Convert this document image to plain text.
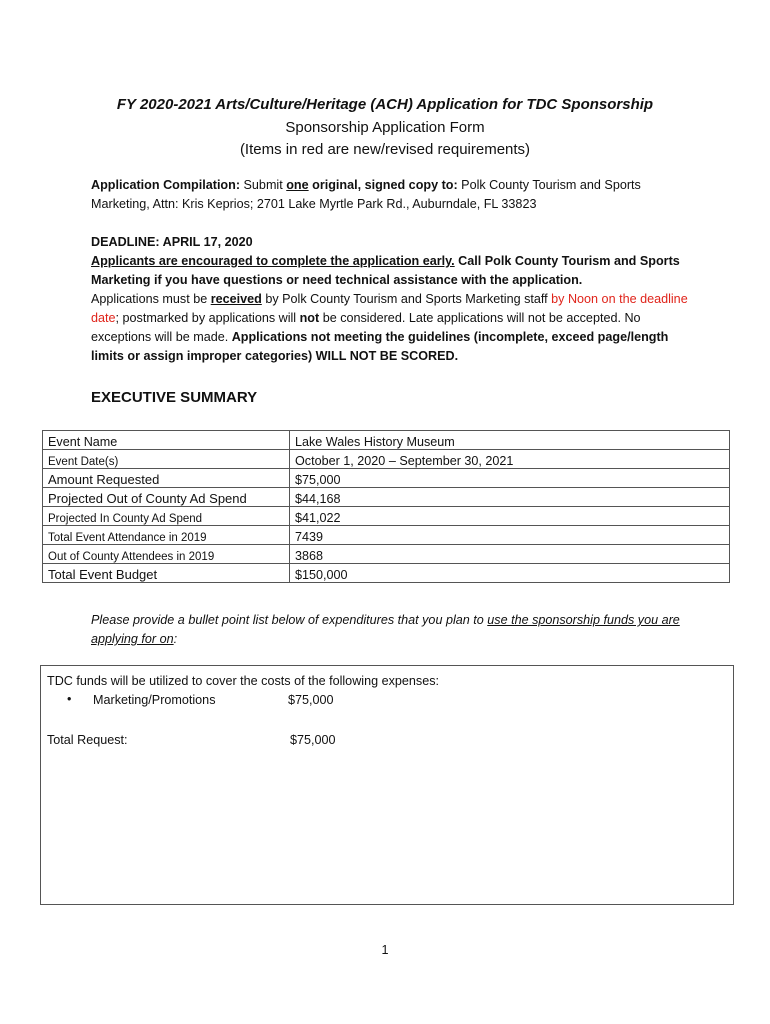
FY 2020-2021 Arts/Culture/Heritage (ACH) Application for TDC Sponsorship
Sponsorship Application Form
(Items in red are new/revised requirements)
Application Compilation: Submit one original, signed copy to: Polk County Tourism and Sports Marketing, Attn: Kris Keprios; 2701 Lake Myrtle Park Rd., Auburndale, FL 33823
DEADLINE: APRIL 17, 2020
Applicants are encouraged to complete the application early. Call Polk County Tourism and Sports Marketing if you have questions or need technical assistance with the application.
Applications must be received by Polk County Tourism and Sports Marketing staff by Noon on the deadline date; postmarked by applications will not be considered. Late applications will not be accepted. No exceptions will be made. Applications not meeting the guidelines (incomplete, exceed page/length limits or assign improper categories) WILL NOT BE SCORED.
EXECUTIVE SUMMARY
Event Name	Lake Wales History Museum
Event Date(s)	October 1, 2020 – September 30, 2021
Amount Requested	$75,000
Projected Out of County Ad Spend	$44,168
Projected In County Ad Spend	$41,022
Total Event Attendance in 2019	7439
Out of County Attendees in 2019	3868
Total Event Budget	$150,000
Please provide a bullet point list below of expenditures that you plan to use the sponsorship funds you are applying for on:
TDC funds will be utilized to cover the costs of the following expenses:
• Marketing/Promotions	$75,000
Total Request:	$75,000
1
